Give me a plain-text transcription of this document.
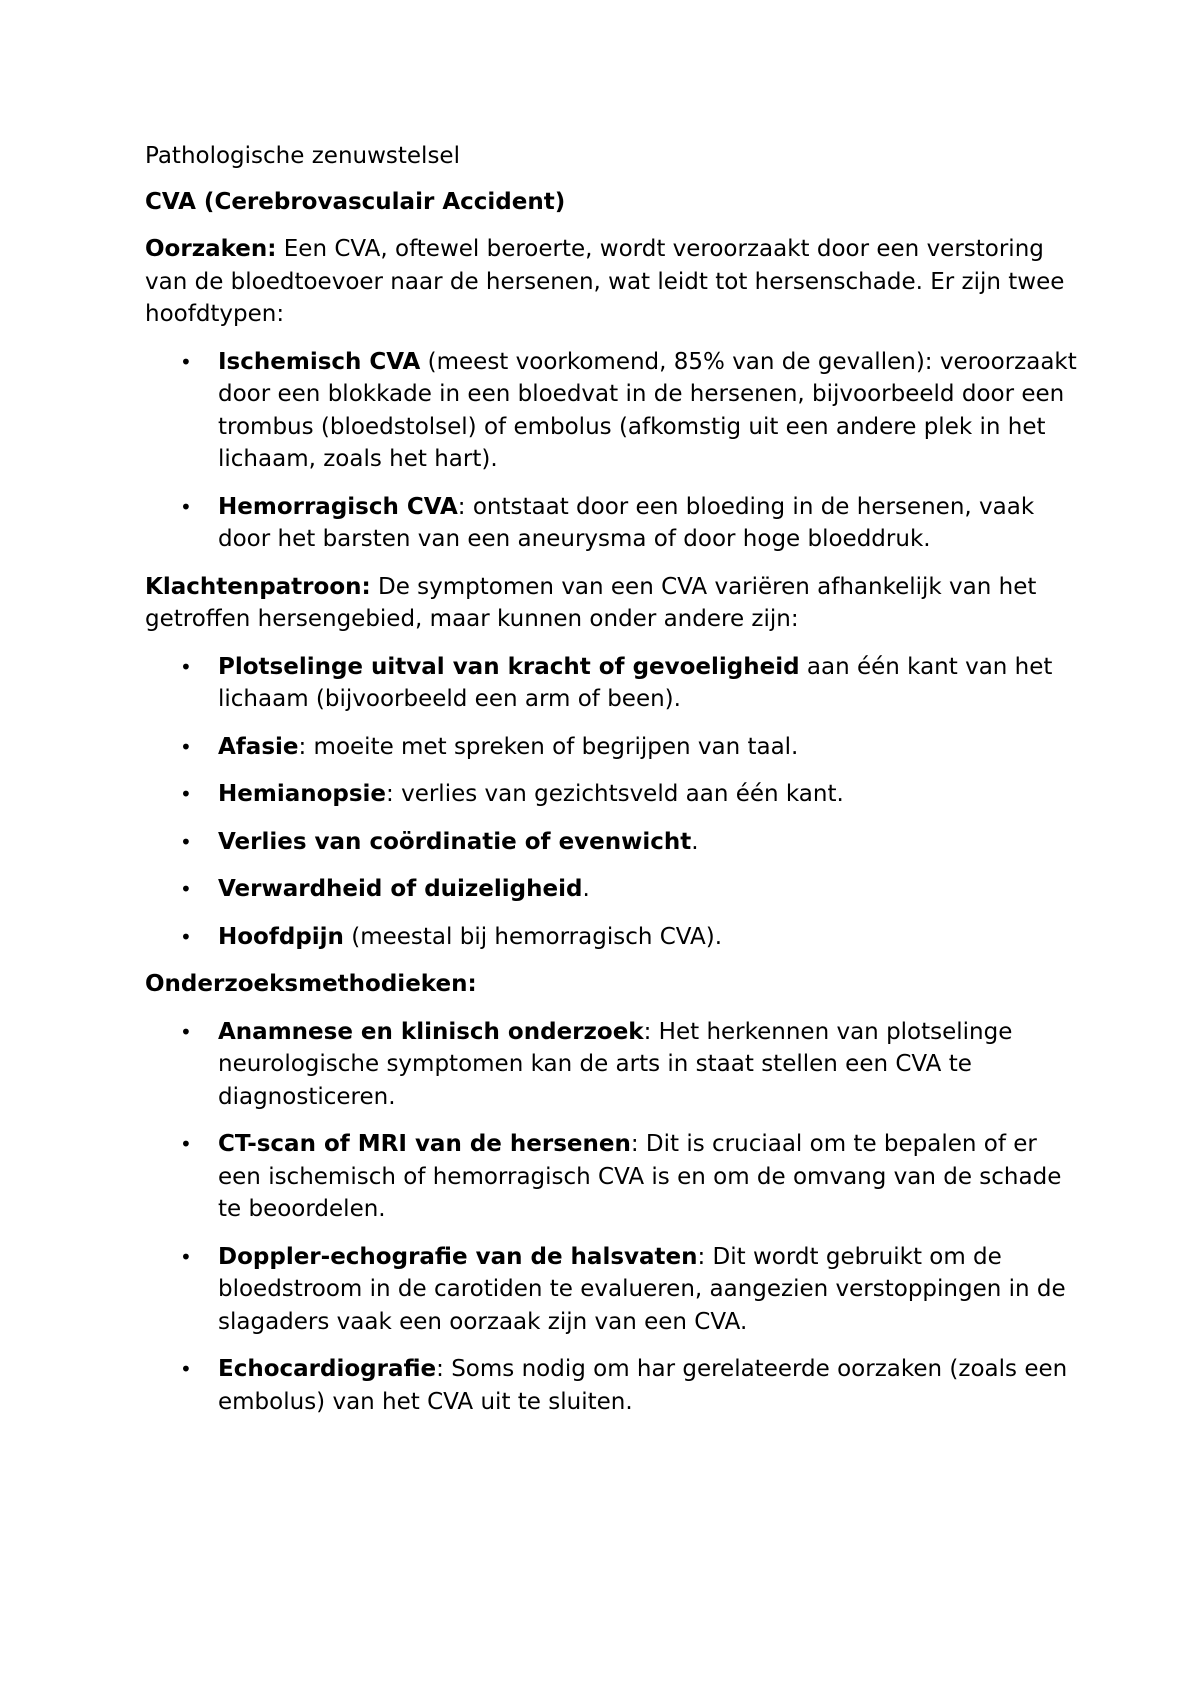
Pathologische zenuwstelsel

CVA (Cerebrovasculair Accident)

Oorzaken: Een CVA, oftewel beroerte, wordt veroorzaakt door een verstoring van de bloedtoevoer naar de hersenen, wat leidt tot hersenschade. Er zijn twee hoofdtypen:

• Ischemisch CVA (meest voorkomend, 85% van de gevallen): veroorzaakt door een blokkade in een bloedvat in de hersenen, bijvoorbeeld door een trombus (bloedstolsel) of embolus (afkomstig uit een andere plek in het lichaam, zoals het hart).
• Hemorragisch CVA: ontstaat door een bloeding in de hersenen, vaak door het barsten van een aneurysma of door hoge bloeddruk.

Klachtenpatroon: De symptomen van een CVA variëren afhankelijk van het getroffen hersengebied, maar kunnen onder andere zijn:

• Plotselinge uitval van kracht of gevoeligheid aan één kant van het lichaam (bijvoorbeeld een arm of been).
• Afasie: moeite met spreken of begrijpen van taal.
• Hemianopsie: verlies van gezichtsveld aan één kant.
• Verlies van coördinatie of evenwicht.
• Verwardheid of duizeligheid.
• Hoofdpijn (meestal bij hemorragisch CVA).

Onderzoeksmethodieken:

• Anamnese en klinisch onderzoek: Het herkennen van plotselinge neurologische symptomen kan de arts in staat stellen een CVA te diagnosticeren.
• CT-scan of MRI van de hersenen: Dit is cruciaal om te bepalen of er een ischemisch of hemorragisch CVA is en om de omvang van de schade te beoordelen.
• Doppler-echografie van de halsvaten: Dit wordt gebruikt om de bloedstroom in de carotiden te evalueren, aangezien verstoppingen in de slagaders vaak een oorzaak zijn van een CVA.
• Echocardiografie: Soms nodig om har gerelateerde oorzaken (zoals een embolus) van het CVA uit te sluiten.
